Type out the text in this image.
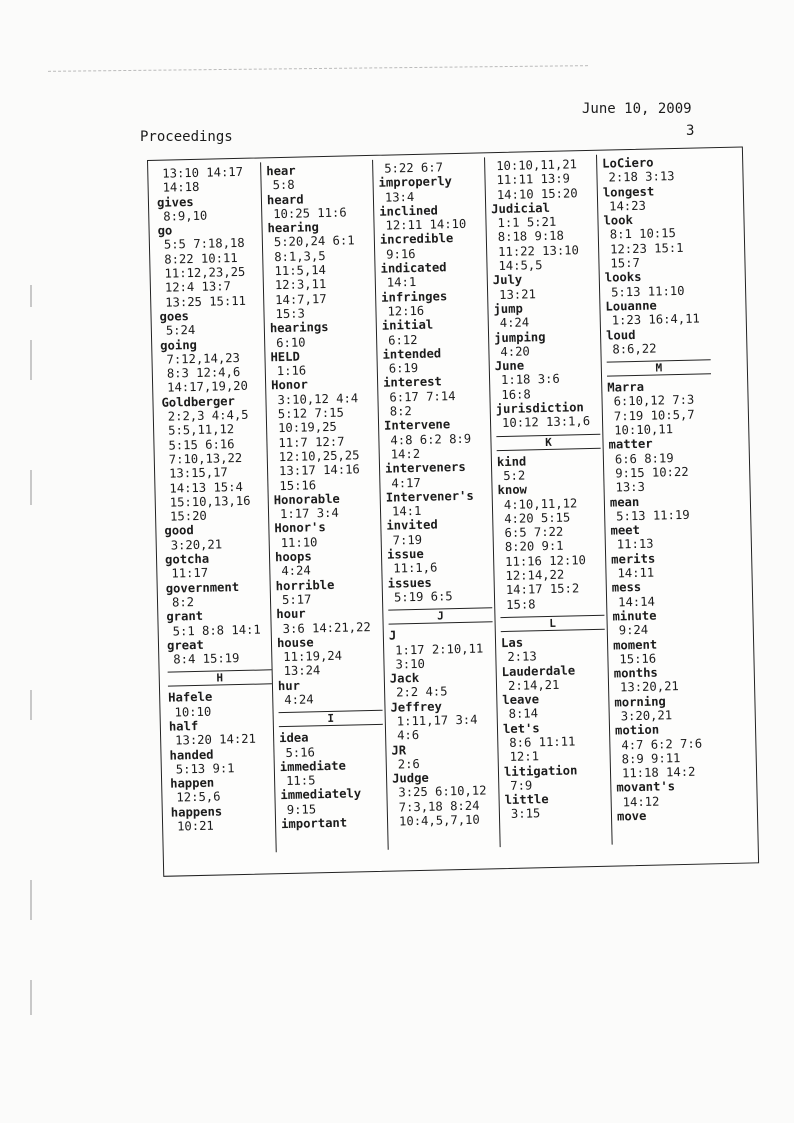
June 10, 2009
Proceedings	3
13:10 14:17
14:18
gives
8:9,10
go
5:5 7:18,18
8:22 10:11
11:12,23,25
12:4 13:7
13:25 15:11
goes
5:24
going
7:12,14,23
8:3 12:4,6
14:17,19,20
Goldberger
2:2,3 4:4,5
5:5,11,12
5:15 6:16
7:10,13,22
13:15,17
14:13 15:4
15:10,13,16
15:20
good
3:20,21
gotcha
11:17
government
8:2
grant
5:1 8:8 14:1
great
8:4 15:19
H
Hafele
10:10
half
13:20 14:21
handed
5:13 9:1
happen
12:5,6
happens
10:21
hear
5:8
heard
10:25 11:6
hearing
5:20,24 6:1
8:1,3,5
11:5,14
12:3,11
14:7,17
15:3
hearings
6:10
HELD
1:16
Honor
3:10,12 4:4
5:12 7:15
10:19,25
11:7 12:7
12:10,25,25
13:17 14:16
15:16
Honorable
1:17 3:4
Honor's
11:10
hoops
4:24
horrible
5:17
hour
3:6 14:21,22
house
11:19,24
13:24
hur
4:24
I
idea
5:16
immediate
11:5
immediately
9:15
important
5:22 6:7
improperly
13:4
inclined
12:11 14:10
incredible
9:16
indicated
14:1
infringes
12:16
initial
6:12
intended
6:19
interest
6:17 7:14
8:2
Intervene
4:8 6:2 8:9
14:2
interveners
4:17
Intervener's
14:1
invited
7:19
issue
11:1,6
issues
5:19 6:5
J
J
1:17 2:10,11
3:10
Jack
2:2 4:5
Jeffrey
1:11,17 3:4
4:6
JR
2:6
Judge
3:25 6:10,12
7:3,18 8:24
10:4,5,7,10
10:10,11,21
11:11 13:9
14:10 15:20
Judicial
1:1 5:21
8:18 9:18
11:22 13:10
14:5,5
July
13:21
jump
4:24
jumping
4:20
June
1:18 3:6
16:8
jurisdiction
10:12 13:1,6
K
kind
5:2
know
4:10,11,12
4:20 5:15
6:5 7:22
8:20 9:1
11:16 12:10
12:14,22
14:17 15:2
15:8
L
Las
2:13
Lauderdale
2:14,21
leave
8:14
let's
8:6 11:11
12:1
litigation
7:9
little
3:15
LoCiero
2:18 3:13
longest
14:23
look
8:1 10:15
12:23 15:1
15:7
looks
5:13 11:10
Louanne
1:23 16:4,11
loud
8:6,22
M
Marra
6:10,12 7:3
7:19 10:5,7
10:10,11
matter
6:6 8:19
9:15 10:22
13:3
mean
5:13 11:19
meet
11:13
merits
14:11
mess
14:14
minute
9:24
moment
15:16
months
13:20,21
morning
3:20,21
motion
4:7 6:2 7:6
8:9 9:11
11:18 14:2
movant's
14:12
move
